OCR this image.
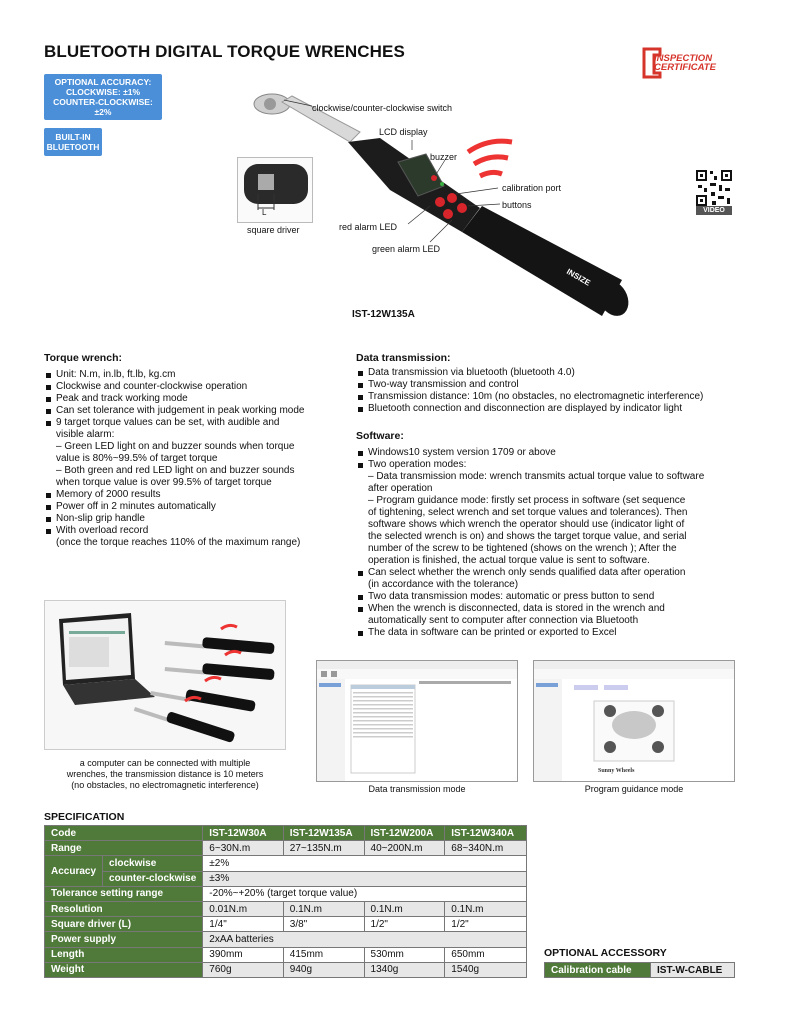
BLUETOOTH DIGITAL TORQUE WRENCHES	INSPECTION
CERTIFICATE
OPTIONAL ACCURACY:
CLOCKWISE: ±1%
COUNTER-CLOCKWISE: ±2%
BUILT-IN
BLUETOOTH
VIDEO
INSIZE
L
square driver
clockwise/counter-clockwise switch
LCD display
buzzer
calibration port
buttons
red alarm LED
green alarm LED
IST-12W135A
Torque wrench:
Unit: N.m, in.lb, ft.lb, kg.cm
Clockwise and counter-clockwise operation
Peak and track working mode
Can set tolerance with judgement in peak working mode
9 target torque values can be set, with audible and
visible alarm:
– Green LED light on and buzzer sounds when torque
value is 80%~99.5% of target torque
– Both green and red LED light on and buzzer sounds
when torque value is over 99.5% of target torque
Memory of 2000 results
Power off in 2 minutes automatically
Non-slip grip handle
With overload record
(once the torque reaches 110% of the maximum range)
Data transmission:
Data transmission via bluetooth (bluetooth 4.0)
Two-way transmission and control
Transmission distance: 10m (no obstacles, no electromagnetic interference)
Bluetooth connection and disconnection are displayed by indicator light
Software:
Windows10 system version 1709 or above
Two operation modes:
– Data transmission mode: wrench transmits actual torque value to software
after operation
– Program guidance mode: firstly set process in software (set sequence
of tightening, select wrench and set torque values and tolerances). Then
software shows which wrench the operator should use (indicator light of
the selected wrench is on) and shows the target torque value, and serial
number of the screw to be tightened (shows on the wrench ); After the
operation is finished, the actual torque value is sent to software.
Can select whether the wrench only sends qualified data after operation
(in accordance with the tolerance)
Two data transmission modes: automatic or press button to send
When the wrench is disconnected, data is stored in the wrench and
automatically sent to computer after connection via Bluetooth
The data in software can be printed or exported to Excel
a computer can be connected with multiple
wrenches, the transmission distance is 10 meters
(no obstacles, no electromagnetic interference)	Data transmission mode
Sunny Wheels
Program guidance mode
SPECIFICATION
Code		IST-12W30A	IST-12W135A	IST-12W200A	IST-12W340A
Range		6~30N.m	27~135N.m	40~200N.m	68~340N.m
Accuracy	clockwise	±2%			
	counter-clockwise	±3%			
Tolerance setting range		-20%~+20% (target torque value)			
Resolution		0.01N.m	0.1N.m	0.1N.m	0.1N.m
Square driver (L)		1/4"	3/8"	1/2"	1/2"
Power supply		2xAA batteries			
Length		390mm	415mm	530mm	650mm
Weight		760g	940g	1340g	1540g
OPTIONAL ACCESSORY
Calibration cable	IST-W-CABLE
